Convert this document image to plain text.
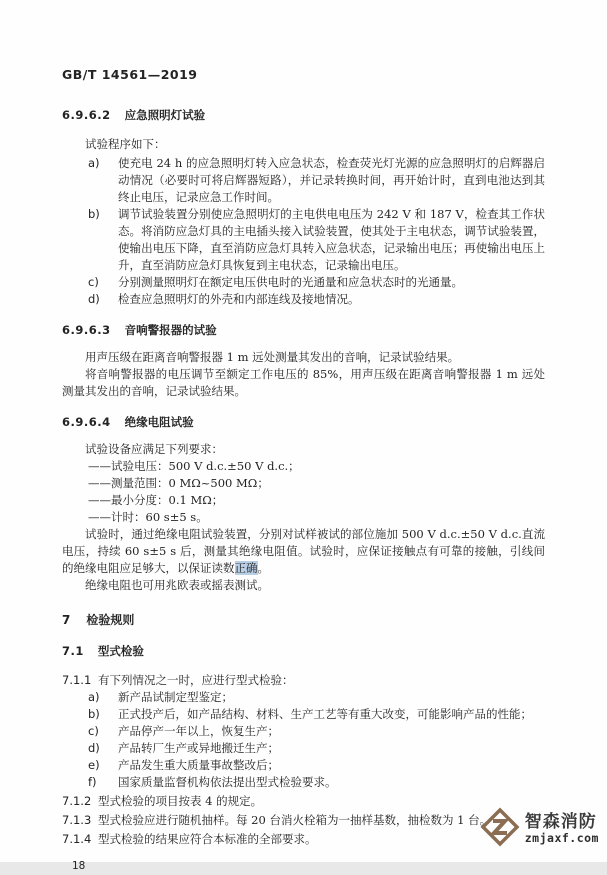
GB/T 14561—2019
6.9.6.2 应急照明灯试验
试验程序如下：
a)	使充电 24 h 的应急照明灯转入应急状态，检查荧光灯光源的应急照明灯的启辉器启动情况（必要时可将启辉器短路），并记录转换时间，再开始计时，直到电池达到其终止电压，记录应急工作时间。
b)	调节试验装置分别使应急照明灯的主电供电电压为 242 V 和 187 V，检查其工作状态。将消防应急灯具的主电插头接入试验装置，使其处于主电状态，调节试验装置，使输出电压下降，直至消防应急灯具转入应急状态，记录输出电压；再使输出电压上升，直至消防应急灯具恢复到主电状态，记录输出电压。
c)	分别测量照明灯在额定电压供电时的光通量和应急状态时的光通量。
d)	检查应急照明灯的外壳和内部连线及接地情况。
6.9.6.3 音响警报器的试验
用声压级在距离音响警报器 1 m 远处测量其发出的音响，记录试验结果。
将音响警报器的电压调节至额定工作电压的 85%，用声压级在距离音响警报器 1 m 远处测量其发出的音响，记录试验结果。
6.9.6.4 绝缘电阻试验
试验设备应满足下列要求：
——试验电压：500 V d.c.±50 V d.c.；
——测量范围：0 MΩ~500 MΩ；
——最小分度：0.1 MΩ；
——计时：60 s±5 s。
试验时，通过绝缘电阻试验装置，分别对试样被试的部位施加 500 V d.c.±50 V d.c.直流电压，持续 60 s±5 s 后，测量其绝缘电阻值。试验时，应保证接触点有可靠的接触，引线间的绝缘电阻应足够大，以保证读数正确。
绝缘电阻也可用兆欧表或摇表测试。
7 检验规则
7.1 型式检验
7.1.1 有下列情况之一时，应进行型式检验：
a)	新产品试制定型鉴定；
b)	正式投产后，如产品结构、材料、生产工艺等有重大改变，可能影响产品的性能；
c)	产品停产一年以上，恢复生产；
d)	产品转厂生产或异地搬迁生产；
e)	产品发生重大质量事故整改后；
f)	国家质量监督机构依法提出型式检验要求。
7.1.2 型式检验的项目按表 4 的规定。
7.1.3 型式检验应进行随机抽样。每 20 台消火栓箱为一抽样基数，抽检数为 1 台。
7.1.4 型式检验的结果应符合本标准的全部要求。
18
智森消防
zmjaxf.com
